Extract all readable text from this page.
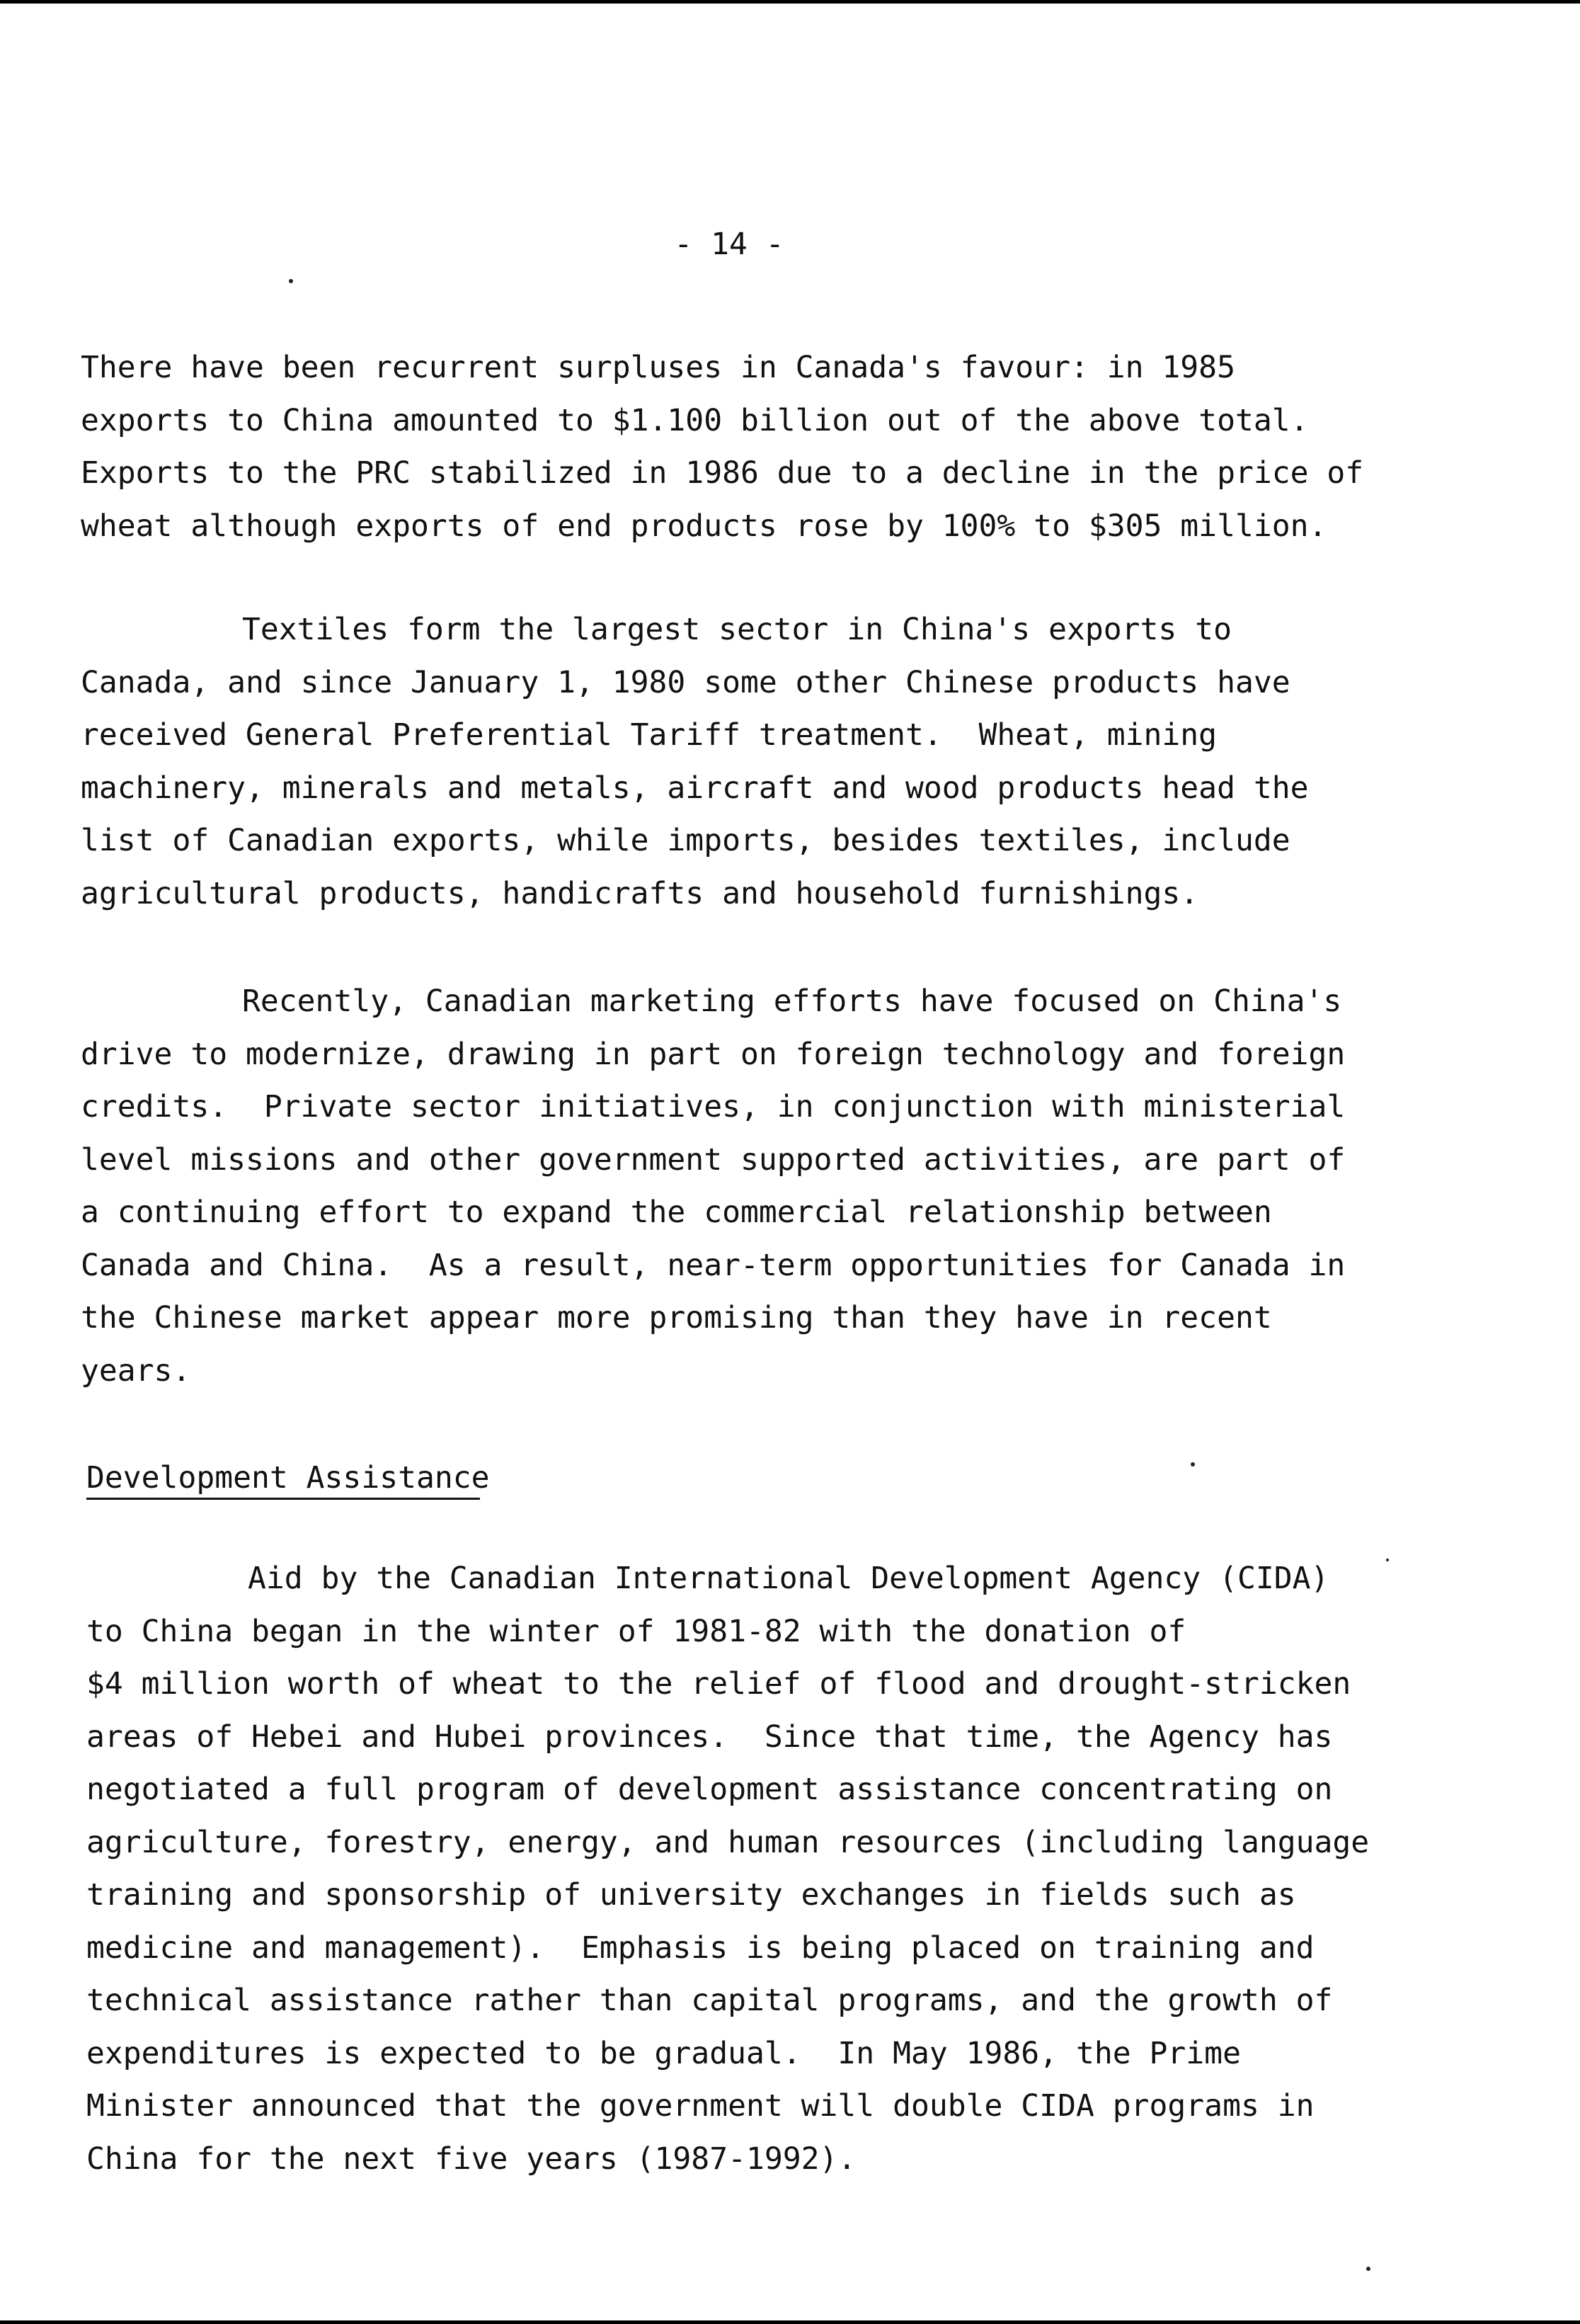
- 14 -

There have been recurrent surpluses in Canada's favour: in 1985
exports to China amounted to $1.100 billion out of the above total.
Exports to the PRC stabilized in 1986 due to a decline in the price of
wheat although exports of end products rose by 100% to $305 million.

Textiles form the largest sector in China's exports to
Canada, and since January 1, 1980 some other Chinese products have
received General Preferential Tariff treatment.  Wheat, mining
machinery, minerals and metals, aircraft and wood products head the
list of Canadian exports, while imports, besides textiles, include
agricultural products, handicrafts and household furnishings.

Recently, Canadian marketing efforts have focused on China's
drive to modernize, drawing in part on foreign technology and foreign
credits.  Private sector initiatives, in conjunction with ministerial
level missions and other government supported activities, are part of
a continuing effort to expand the commercial relationship between
Canada and China.  As a result, near-term opportunities for Canada in
the Chinese market appear more promising than they have in recent
years.

Development Assistance

Aid by the Canadian International Development Agency (CIDA)
to China began in the winter of 1981-82 with the donation of
$4 million worth of wheat to the relief of flood and drought-stricken
areas of Hebei and Hubei provinces.  Since that time, the Agency has
negotiated a full program of development assistance concentrating on
agriculture, forestry, energy, and human resources (including language
training and sponsorship of university exchanges in fields such as
medicine and management).  Emphasis is being placed on training and
technical assistance rather than capital programs, and the growth of
expenditures is expected to be gradual.  In May 1986, the Prime
Minister announced that the government will double CIDA programs in
China for the next five years (1987-1992).
